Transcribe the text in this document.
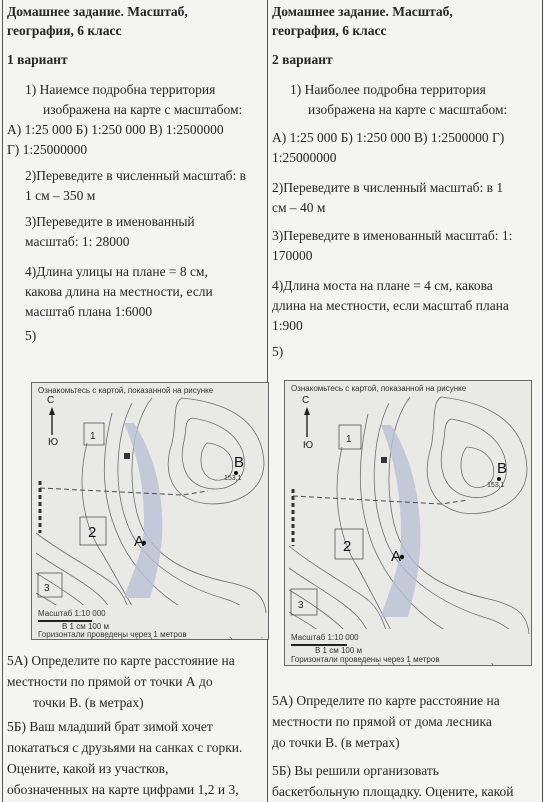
Домашнее задание. Масштаб,
география, 6 класс
1 вариант
1) Наиемсе подробна территория
изображена на карте с масштабом:
А) 1:25 000 Б) 1:250 000 В) 1:2500000
Г) 1:25000000
2)Переведите в численный масштаб: в
1 см – 350 м
3)Переведите в именованный
масштаб: 1: 28000
4)Длина улицы на плане = 8 см,
какова длина на местности, если
масштаб плана 1:6000
5)
Ознакомьтесь с картой, показанной на рисунке
С
Ю
1
2
3
А
В
153,1
Масштаб 1:10 000
В 1 см 100 м
Горизонтали проведены через 1 метров
5А) Определите по карте расстояние на
местности по прямой от точки А до
точки В. (в метрах)
5Б) Ваш младший брат зимой хочет
покататься с друзьями на санках с горки.
Оцените, какой из участков,
обозначенных на карте цифрами 1,2 и 3,
Домашнее задание. Масштаб,
география, 6 класс
2 вариант
1) Наиболее подробна территория
изображена на карте с масштабом:
А) 1:25 000 Б) 1:250 000 В) 1:2500000 Г)
1:25000000
2)Переведите в численный масштаб: в 1
см – 40 м
3)Переведите в именованный масштаб: 1:
170000
4)Длина моста на плане = 4 см, какова
длина на местности, если масштаб плана
1:900
5)
Ознакомьтесь с картой, показанной на рисунке
С
Ю
1
2
3
А
В
153,1
Масштаб 1:10 000
В 1 см 100 м
Горизонтали проведены через 1 метров
5А) Определите по карте расстояние на
местности по прямой от дома лесника
до точки В. (в метрах)
5Б) Вы решили организовать
баскетбольную площадку. Оцените, какой
